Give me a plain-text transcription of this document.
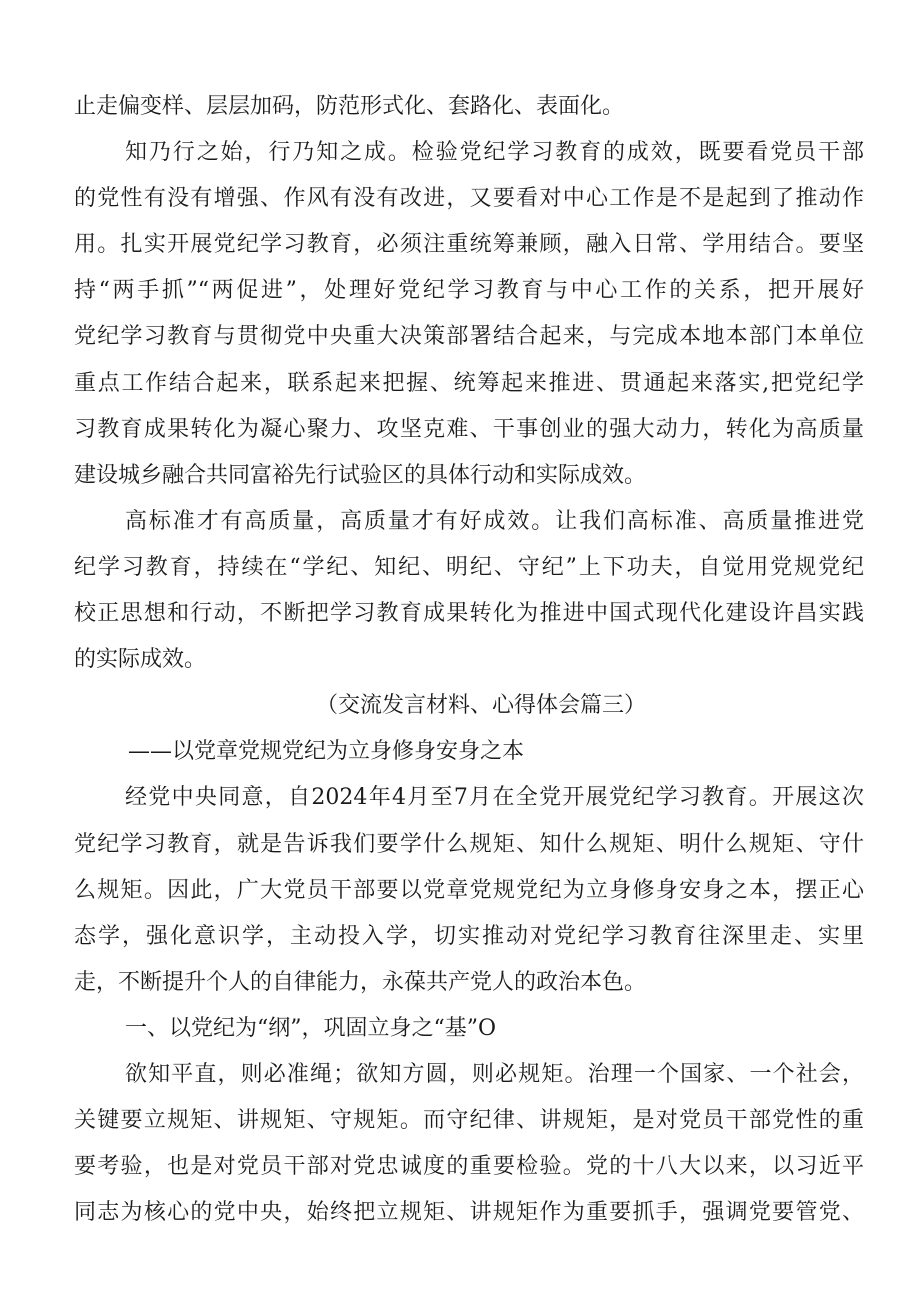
止走偏变样、层层加码，防范形式化、套路化、表面化。
知乃行之始，行乃知之成。检验党纪学习教育的成效，既要看党员干部
的党性有没有增强、作风有没有改进，又要看对中心工作是不是起到了推动作
用。扎实开展党纪学习教育，必须注重统筹兼顾，融入日常、学用结合。要坚
持“两手抓”“两促进”，处理好党纪学习教育与中心工作的关系，把开展好
党纪学习教育与贯彻党中央重大决策部署结合起来，与完成本地本部门本单位
重点工作结合起来，联系起来把握、统筹起来推进、贯通起来落实,把党纪学
习教育成果转化为凝心聚力、攻坚克难、干事创业的强大动力，转化为高质量
建设城乡融合共同富裕先行试验区的具体行动和实际成效。
高标准才有高质量，高质量才有好成效。让我们高标准、高质量推进党
纪学习教育，持续在“学纪、知纪、明纪、守纪”上下功夫，自觉用党规党纪
校正思想和行动，不断把学习教育成果转化为推进中国式现代化建设许昌实践
的实际成效。
（交流发言材料、心得体会篇三）
——以党章党规党纪为立身修身安身之本
经党中央同意，自2024年4月至7月在全党开展党纪学习教育。开展这次
党纪学习教育，就是告诉我们要学什么规矩、知什么规矩、明什么规矩、守什
么规矩。因此，广大党员干部要以党章党规党纪为立身修身安身之本，摆正心
态学，强化意识学，主动投入学，切实推动对党纪学习教育往深里走、实里
走，不断提升个人的自律能力，永葆共产党人的政治本色。
一、以党纪为“纲”，巩固立身之“基”O
欲知平直，则必准绳；欲知方圆，则必规矩。治理一个国家、一个社会，
关键要立规矩、讲规矩、守规矩。而守纪律、讲规矩，是对党员干部党性的重
要考验，也是对党员干部对党忠诚度的重要检验。党的十八大以来，以习近平
同志为核心的党中央，始终把立规矩、讲规矩作为重要抓手，强调党要管党、
